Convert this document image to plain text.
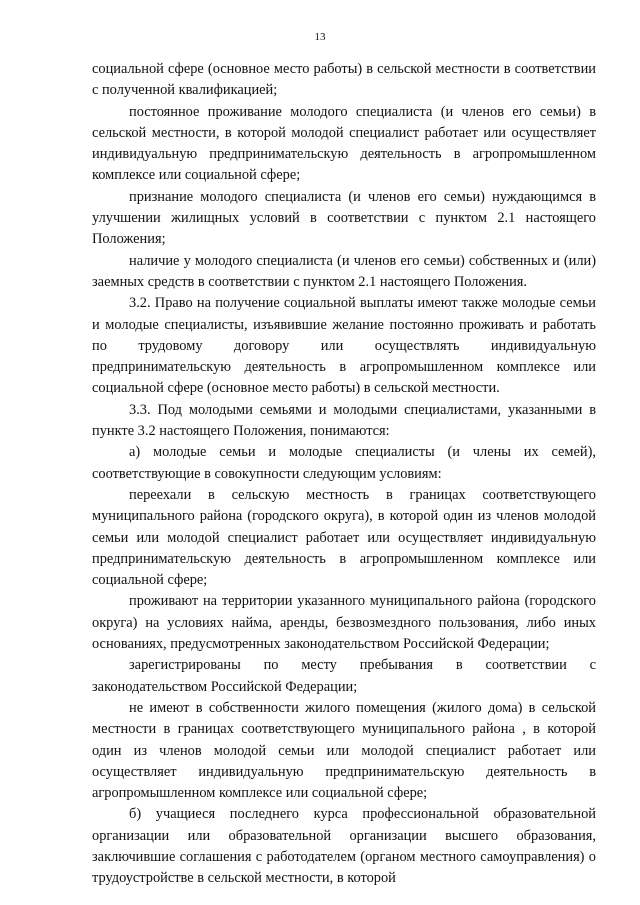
13

социальной сфере (основное место работы) в сельской местности в соответствии с полученной квалификацией;

постоянное проживание молодого специалиста (и членов его семьи) в сельской местности, в которой молодой специалист работает или осуществляет индивидуальную предпринимательскую деятельность в агропромышленном комплексе или социальной сфере;

признание молодого специалиста (и членов его семьи) нуждающимся в улучшении жилищных условий в соответствии с пунктом 2.1 настоящего Положения;

наличие у молодого специалиста (и членов его семьи) собственных и (или) заемных средств в соответствии с пунктом 2.1 настоящего Положения.

3.2. Право на получение социальной выплаты имеют также молодые семьи и молодые специалисты, изъявившие желание постоянно проживать и работать по трудовому договору или осуществлять индивидуальную предпринимательскую деятельность в агропромышленном комплексе или социальной сфере (основное место работы) в сельской местности.

3.3. Под молодыми семьями и молодыми специалистами, указанными в пункте 3.2 настоящего Положения, понимаются:

а) молодые семьи и молодые специалисты (и члены их семей), соответствующие в совокупности следующим условиям:

переехали в сельскую местность в границах соответствующего муниципального района (городского округа), в которой один из членов молодой семьи или молодой специалист работает или осуществляет индивидуальную предпринимательскую деятельность в агропромышленном комплексе или социальной сфере;

проживают на территории указанного муниципального района (городского округа) на условиях найма, аренды, безвозмездного пользования, либо иных основаниях, предусмотренных законодательством Российской Федерации;

зарегистрированы по месту пребывания в соответствии с законодательством Российской Федерации;

не имеют в собственности жилого помещения (жилого дома) в сельской местности в границах соответствующего муниципального района , в которой один из членов молодой семьи или молодой специалист работает или осуществляет индивидуальную предпринимательскую деятельность в агропромышленном комплексе или социальной сфере;

б) учащиеся последнего курса профессиональной образовательной организации или образовательной организации высшего образования, заключившие соглашения с работодателем (органом местного самоуправления) о трудоустройстве в сельской местности, в которой
